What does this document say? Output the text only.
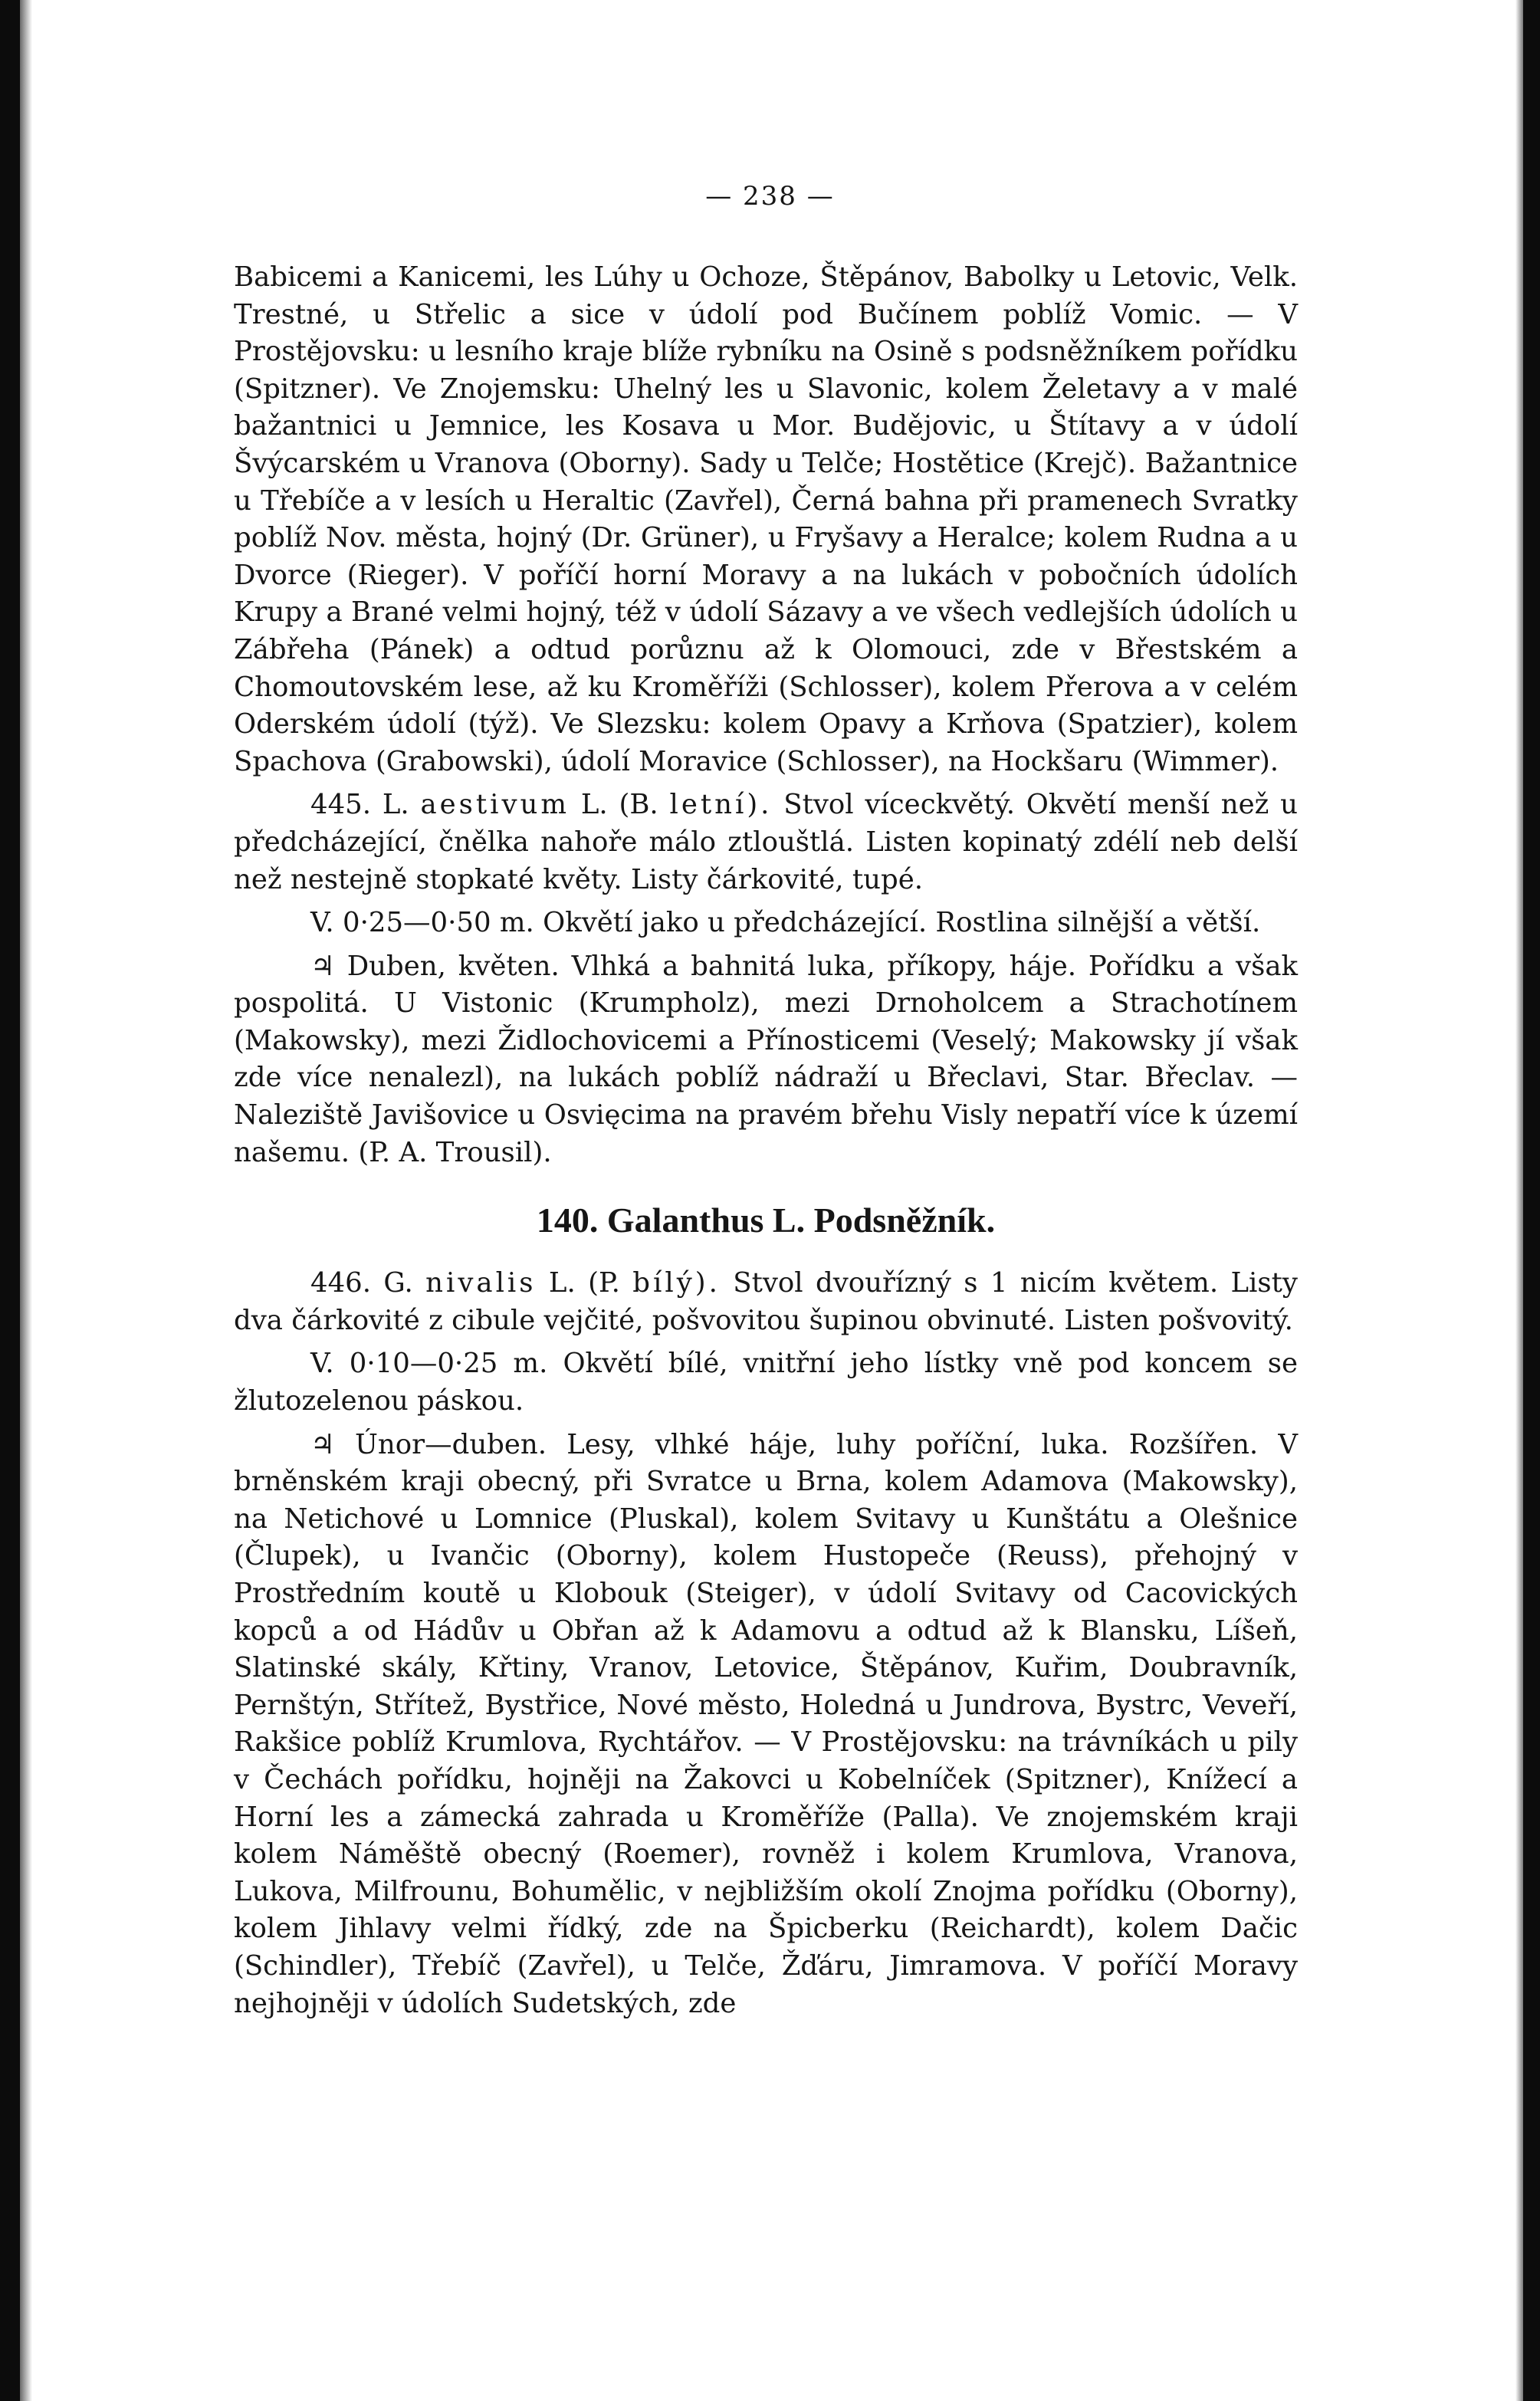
— 238 —

Babicemi a Kanicemi, les Lúhy u Ochoze, Štěpánov, Babolky u Letovic, Velk. Trestné, u Střelic a sice v údolí pod Bučínem poblíž Vomic. — V Prostějovsku: u lesního kraje blíže rybníku na Osině s podsněžníkem pořídku (Spitzner). Ve Znojemsku: Uhelný les u Slavonic, kolem Želetavy a v malé bažantnici u Jemnice, les Kosava u Mor. Budějovic, u Štítavy a v údolí Švýcarském u Vranova (Oborny). Sady u Telče; Hostětice (Krejč). Bažantnice u Třebíče a v lesích u Heraltic (Zavřel), Černá bahna při pramenech Svratky poblíž Nov. města, hojný (Dr. Grüner), u Fryšavy a Heralce; kolem Rudna a u Dvorce (Rieger). V poříčí horní Moravy a na lukách v pobočních údolích Krupy a Brané velmi hojný, též v údolí Sázavy a ve všech vedlejších údolích u Zábřeha (Pánek) a odtud porůznu až k Olomouci, zde v Břestském a Chomoutovském lese, až ku Kroměříži (Schlosser), kolem Přerova a v celém Oderském údolí (týž). Ve Slezsku: kolem Opavy a Krňova (Spatzier), kolem Spachova (Grabowski), údolí Moravice (Schlosser), na Hockšaru (Wimmer).

445. L. aestivum L. (B. letní). Stvol víceckvětý. Okvětí menší než u předcházející, čnělka nahoře málo ztlouštlá. Listen kopinatý zdélí neb delší než nestejně stopkaté květy. Listy čárkovité, tupé.

V. 0·25—0·50 m. Okvětí jako u předcházející. Rostlina silnější a větší.

♃ Duben, květen. Vlhká a bahnitá luka, příkopy, háje. Pořídku a však pospolitá. U Vistonic (Krumpholz), mezi Drnoholcem a Strachotínem (Makowsky), mezi Židlochovicemi a Přínosticemi (Veselý; Makowsky jí však zde více nenalezl), na lukách poblíž nádraží u Břeclavi, Star. Břeclav. — Naleziště Javišovice u Osvięcima na pravém břehu Visly nepatří více k území našemu. (P. A. Trousil).

140. Galanthus L. Podsněžník.

446. G. nivalis L. (P. bílý). Stvol dvouřízný s 1 nicím květem. Listy dva čárkovité z cibule vejčité, pošvovitou šupinou obvinuté. Listen pošvovitý.

V. 0·10—0·25 m. Okvětí bílé, vnitřní jeho lístky vně pod koncem se žlutozelenou páskou.

♃ Únor—duben. Lesy, vlhké háje, luhy poříční, luka. Rozšířen. V brněnském kraji obecný, při Svratce u Brna, kolem Adamova (Makowsky), na Netichové u Lomnice (Pluskal), kolem Svitavy u Kunštátu a Olešnice (Člupek), u Ivančic (Oborny), kolem Hustopeče (Reuss), přehojný v Prostředním koutě u Klobouk (Steiger), v údolí Svitavy od Cacovických kopců a od Hádův u Obřan až k Adamovu a odtud až k Blansku, Líšeň, Slatinské skály, Křtiny, Vranov, Letovice, Štěpánov, Kuřim, Doubravník, Pernštýn, Střítež, Bystřice, Nové město, Holedná u Jundrova, Bystrc, Veveří, Rakšice poblíž Krumlova, Rychtářov. — V Prostějovsku: na trávníkách u pily v Čechách pořídku, hojněji na Žakovci u Kobelníček (Spitzner), Knížecí a Horní les a zámecká zahrada u Kroměříže (Palla). Ve znojemském kraji kolem Náměště obecný (Roemer), rovněž i kolem Krumlova, Vranova, Lukova, Milfrounu, Bohumělic, v nejbližším okolí Znojma pořídku (Oborny), kolem Jihlavy velmi řídký, zde na Špicberku (Reichardt), kolem Dačic (Schindler), Třebíč (Zavřel), u Telče, Žďáru, Jimramova. V poříčí Moravy nejhojněji v údolích Sudetských, zde
